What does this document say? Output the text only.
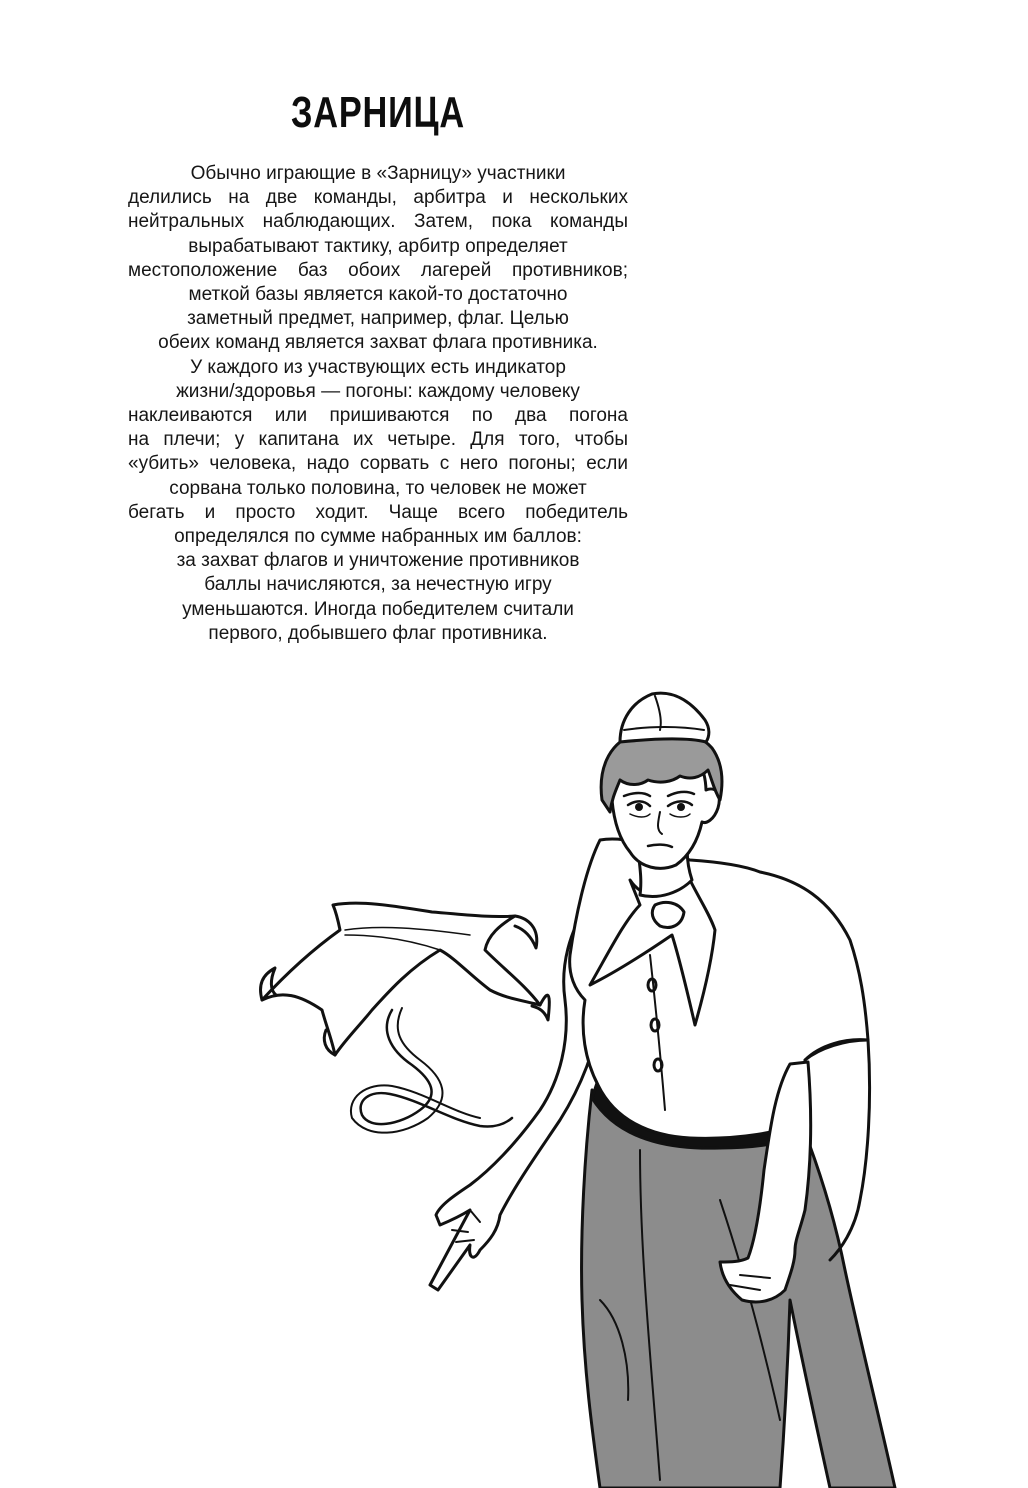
ЗАРНИЦА
Обычно играющие в «Зарницу» участники
делились на две команды, арбитра и нескольких
нейтральных наблюдающих. Затем, пока команды
вырабатывают тактику, арбитр определяет
местоположение баз обоих лагерей противников;
меткой базы является какой-то достаточно
заметный предмет, например, флаг. Целью
обеих команд является захват флага противника.
У каждого из участвующих есть индикатор
жизни/здоровья — погоны: каждому человеку
наклеиваются или пришиваются по два погона
на плечи; у капитана их четыре. Для того, чтобы
«убить» человека, надо сорвать с него погоны; если
сорвана только половина, то человек не может
бегать и просто ходит. Чаще всего победитель
определялся по сумме набранных им баллов:
за захват флагов и уничтожение противников
баллы начисляются, за нечестную игру
уменьшаются. Иногда победителем считали
первого, добывшего флаг противника.
